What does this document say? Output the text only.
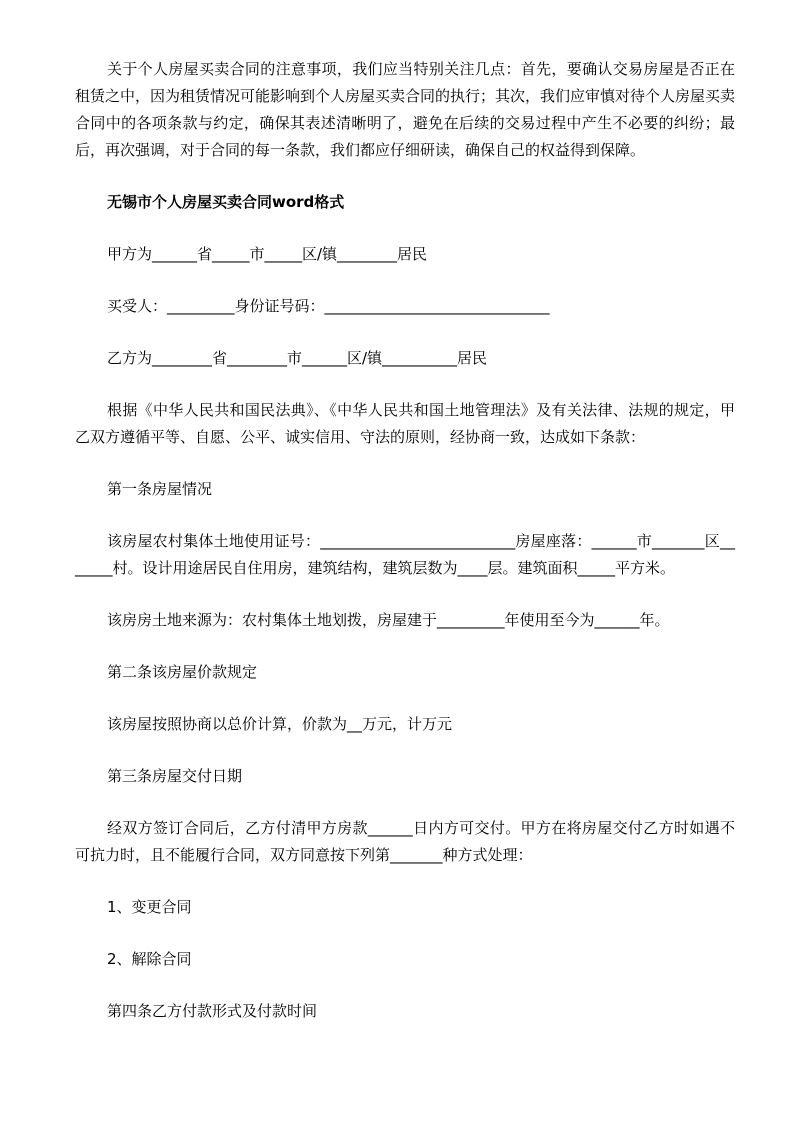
关于个人房屋买卖合同的注意事项，我们应当特别关注几点：首先，要确认交易房屋是否正在租赁之中，因为租赁情况可能影响到个人房屋买卖合同的执行；其次，我们应审慎对待个人房屋买卖合同中的各项条款与约定，确保其表述清晰明了，避免在后续的交易过程中产生不必要的纠纷；最后，再次强调，对于合同的每一条款，我们都应仔细研读，确保自己的权益得到保障。

无锡市个人房屋买卖合同word格式

甲方为______省_____市_____区/镇________居民

买受人：_________身份证号码：______________________________

乙方为________省________市______区/镇__________居民

根据《中华人民共和国民法典》、《中华人民共和国土地管理法》及有关法律、法规的规定，甲乙双方遵循平等、自愿、公平、诚实信用、守法的原则，经协商一致，达成如下条款：

第一条房屋情况

该房屋农村集体土地使用证号：__________________________房屋座落：______市_______区_______村。设计用途居民自住用房，建筑结构，建筑层数为____层。建筑面积_____平方米。

该房房土地来源为：农村集体土地划拨，房屋建于_________年使用至今为______年。

第二条该房屋价款规定

该房屋按照协商以总价计算，价款为__万元，计万元

第三条房屋交付日期

经双方签订合同后，乙方付清甲方房款______日内方可交付。甲方在将房屋交付乙方时如遇不可抗力时，且不能履行合同，双方同意按下列第_______种方式处理：

1、变更合同

2、解除合同

第四条乙方付款形式及付款时间
